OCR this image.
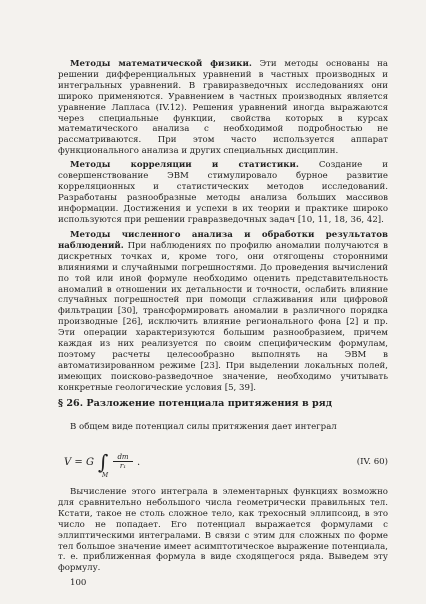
Методы математической физики. Эти методы основаны на решении дифференциальных уравнений в частных производных и интегральных уравнений. В гравиразведочных исследованиях они широко применяются. Уравнением в частных производных является уравнение Лапласа (IV.12). Решения уравнений иногда выражаются через специальные функции, свойства которых в курсах математического анализа с необходимой подробностью не рассматриваются. При этом часто используется аппарат функционального анализа и других специальных дисциплин.

Методы корреляции и статистики. Создание и совершенствование ЭВМ стимулировало бурное развитие корреляционных и статистических методов исследований. Разработаны разнообразные методы анализа больших массивов информации. Достижения и успехи в их теории и практике широко используются при решении гравразведочных задач [10, 11, 18, 36, 42].

Методы численного анализа и обработки результатов наблюдений. При наблюдениях по профилю аномалии получаются в дискретных точках и, кроме того, они отягощены сторонними влияниями и случайными погрешностями. До проведения вычислений по той или иной формуле необходимо оценить представительность аномалий в отношении их детальности и точности, ослабить влияние случайных погрешностей при помощи сглаживания или цифровой фильтрации [30], трансформировать аномалии в различного порядка производные [26], исключить влияние регионального фона [2] и пр. Эти операции характеризуются большим разнообразием, причем каждая из них реализуется по своим специфическим формулам, поэтому расчеты целесообразно выполнять на ЭВМ в автоматизированном режиме [23]. При выделении локальных полей, имеющих поисково-разведочное значение, необходимо учитывать конкретные геологические условия [5, 39].

§ 26. Разложение потенциала притяжения в ряд

В общем виде потенциал силы притяжения дает интеграл

V = G ∫
M
dm
r₁	.	(IV. 60)

Вычисление этого интеграла в элементарных функциях возможно для сравнительно небольшого числа геометрически правильных тел. Кстати, такое не столь сложное тело, как трехосный эллипсоид, в это число не попадает. Его потенциал выражается формулами с эллиптическими интегралами. В связи с этим для сложных по форме тел большое значение имеет асимптотическое выражение потенциала, т. е. приближенная формула в виде сходящегося ряда. Выведем эту формулу.

100
